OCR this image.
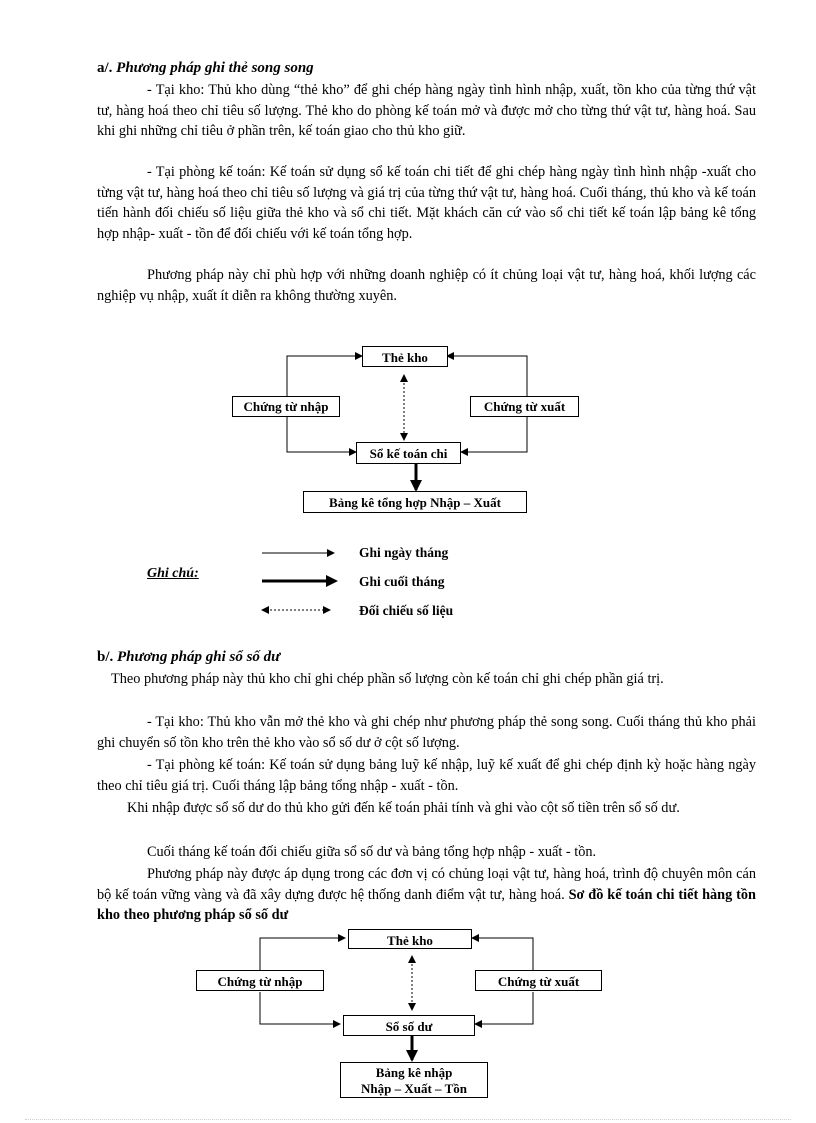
a/. Phương pháp ghi thẻ song song

- Tại kho: Thủ kho dùng “thẻ kho” để ghi chép hàng ngày tình hình nhập, xuất, tồn kho của từng thứ vật tư, hàng hoá theo chỉ tiêu số lượng. Thẻ kho do phòng kế toán mở và được mở cho từng thứ vật tư, hàng hoá. Sau khi ghi những chỉ tiêu ở phần trên, kế toán giao cho thủ kho giữ.

- Tại phòng kế toán: Kế toán sử dụng sổ kế toán chi tiết để ghi chép hàng ngày tình hình nhập -xuất cho từng vật tư, hàng hoá theo chỉ tiêu số lượng và giá trị của từng thứ vật tư, hàng hoá. Cuối tháng, thủ kho và kế toán tiến hành đối chiếu số liệu giữa thẻ kho và sổ chi tiết. Mặt khách căn cứ vào sổ chi tiết kế toán lập bảng kê tổng hợp nhập- xuất - tồn để đối chiếu với kế toán tổng hợp.

Phương pháp này chỉ phù hợp với những doanh nghiệp có ít chủng loại vật tư, hàng hoá, khối lượng các nghiệp vụ nhập, xuất ít diễn ra không thường xuyên.

Thẻ kho
Chứng từ nhập	Chứng từ xuất
Sổ kế toán chi
Bảng kê tổng hợp Nhập – Xuất
Ghi chú:
Ghi ngày tháng
Ghi cuối tháng
Đối chiếu số liệu
b/. Phương pháp ghi sổ số dư

Theo phương pháp này thủ kho chỉ ghi chép phần số lượng còn kế toán chỉ ghi chép phần giá trị.

- Tại kho: Thủ kho vẫn mở thẻ kho và ghi chép như phương pháp thẻ song song. Cuối tháng thủ kho phải ghi chuyển số tồn kho trên thẻ kho vào sổ số dư ở cột số lượng.

- Tại phòng kế toán: Kế toán sử dụng bảng luỹ kế nhập, luỹ kế xuất để ghi chép định kỳ hoặc hàng ngày theo chỉ tiêu giá trị. Cuối tháng lập bảng tổng nhập - xuất - tồn.

Khi nhập được sổ số dư do thủ kho gửi đến kế toán phải tính và ghi vào cột số tiền trên sổ số dư.

Cuối tháng kế toán đối chiếu giữa sổ số dư và bảng tổng hợp nhập - xuất - tồn.

Phương pháp này được áp dụng trong các đơn vị có chủng loại vật tư, hàng hoá, trình độ chuyên môn cán bộ kế toán vững vàng và đã xây dựng được hệ thống danh điểm vật tư, hàng hoá. Sơ đồ kế toán chi tiết hàng tồn kho theo phương pháp sổ số dư

Thẻ kho
Chứng từ nhập	Chứng từ xuất
Sổ số dư
Bảng kê nhập
Nhập – Xuất – Tồn
